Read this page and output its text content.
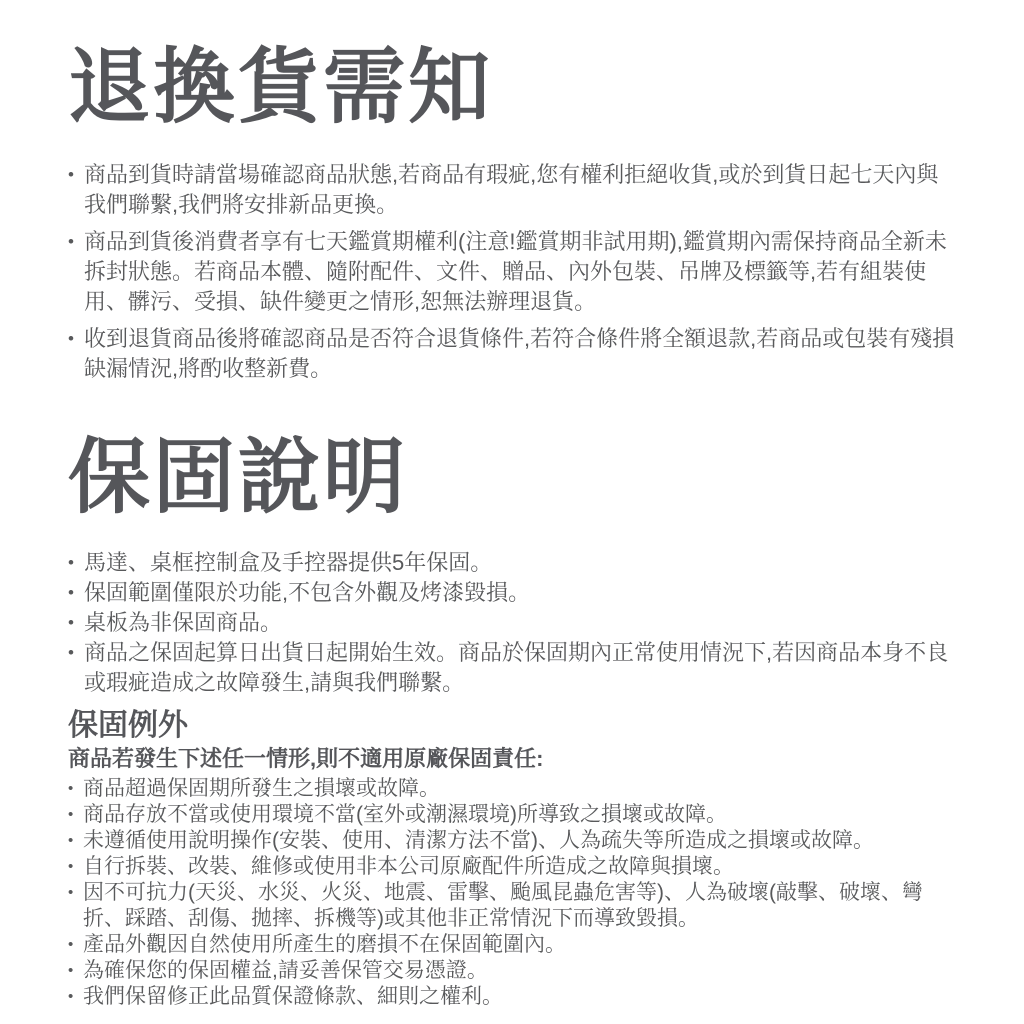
退換貨需知
• 商品到貨時請當場確認商品狀態,若商品有瑕疵,您有權利拒絕收貨,或於到貨日起七天內與我們聯繫,我們將安排新品更換。
• 商品到貨後消費者享有七天鑑賞期權利(注意!鑑賞期非試用期),鑑賞期內需保持商品全新未拆封狀態。若商品本體、隨附配件、文件、贈品、內外包裝、吊牌及標籤等,若有組裝使用、髒污、受損、缺件變更之情形,恕無法辦理退貨。
• 收到退貨商品後將確認商品是否符合退貨條件,若符合條件將全額退款,若商品或包裝有殘損缺漏情況,將酌收整新費。
保固說明
• 馬達、桌框控制盒及手控器提供5年保固。
• 保固範圍僅限於功能,不包含外觀及烤漆毀損。
• 桌板為非保固商品。
• 商品之保固起算日出貨日起開始生效。商品於保固期內正常使用情況下,若因商品本身不良或瑕疵造成之故障發生,請與我們聯繫。
保固例外

商品若發生下述任一情形,則不適用原廠保固責任:

• 商品超過保固期所發生之損壞或故障。
• 商品存放不當或使用環境不當(室外或潮濕環境)所導致之損壞或故障。
• 未遵循使用說明操作(安裝、使用、清潔方法不當)、人為疏失等所造成之損壞或故障。
• 自行拆裝、改裝、維修或使用非本公司原廠配件所造成之故障與損壞。
• 因不可抗力(天災、水災、火災、地震、雷擊、颱風昆蟲危害等)、人為破壞(敲擊、破壞、彎折、踩踏、刮傷、拋摔、拆機等)或其他非正常情況下而導致毀損。
• 產品外觀因自然使用所產生的磨損不在保固範圍內。
• 為確保您的保固權益,請妥善保管交易憑證。
• 我們保留修正此品質保證條款、細則之權利。
